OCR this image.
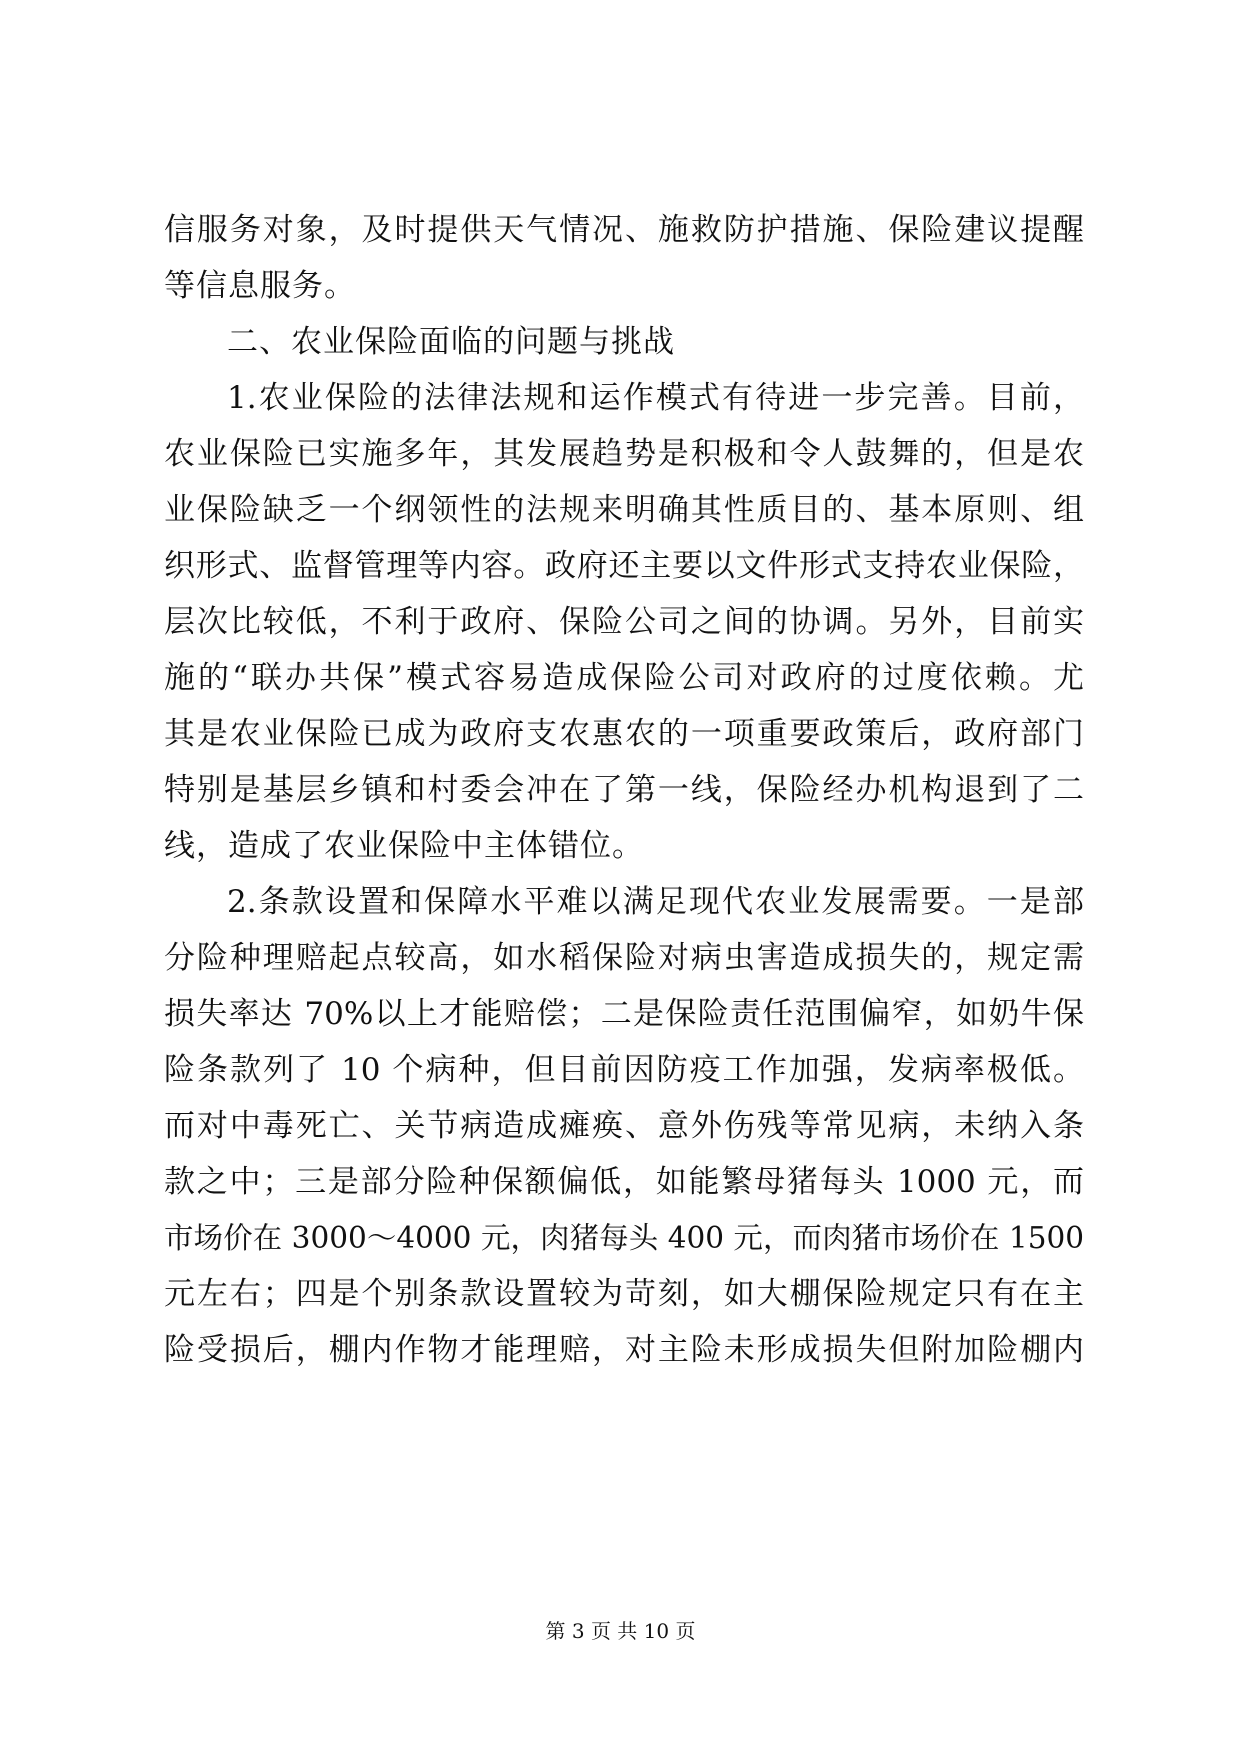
信服务对象，及时提供天气情况、施救防护措施、保险建议提醒
等信息服务。
二、农业保险面临的问题与挑战
1.农业保险的法律法规和运作模式有待进一步完善。目前，
农业保险已实施多年，其发展趋势是积极和令人鼓舞的，但是农
业保险缺乏一个纲领性的法规来明确其性质目的、基本原则、组
织形式、监督管理等内容。政府还主要以文件形式支持农业保险，
层次比较低，不利于政府、保险公司之间的协调。另外，目前实
施的“联办共保”模式容易造成保险公司对政府的过度依赖。尤
其是农业保险已成为政府支农惠农的一项重要政策后，政府部门
特别是基层乡镇和村委会冲在了第一线，保险经办机构退到了二
线，造成了农业保险中主体错位。
2.条款设置和保障水平难以满足现代农业发展需要。一是部
分险种理赔起点较高，如水稻保险对病虫害造成损失的，规定需
损失率达 70%以上才能赔偿；二是保险责任范围偏窄，如奶牛保
险条款列了 10 个病种，但目前因防疫工作加强，发病率极低。
而对中毒死亡、关节病造成瘫痪、意外伤残等常见病，未纳入条
款之中；三是部分险种保额偏低，如能繁母猪每头 1000 元，而
市场价在 3000～4000 元，肉猪每头 400 元，而肉猪市场价在 1500
元左右；四是个别条款设置较为苛刻，如大棚保险规定只有在主
险受损后，棚内作物才能理赔，对主险未形成损失但附加险棚内
第 3 页 共 10 页
